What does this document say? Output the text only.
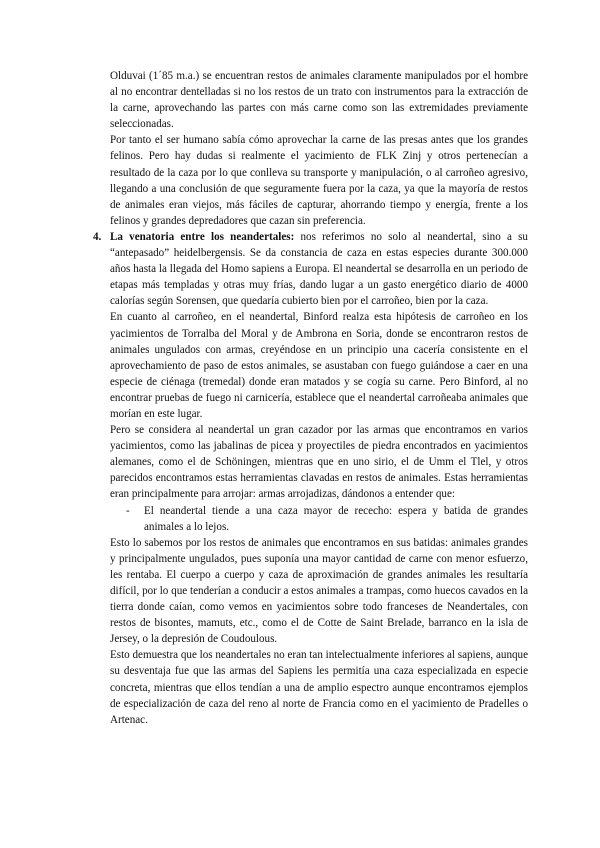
Olduvai (1´85 m.a.) se encuentran restos de animales claramente manipulados por el hombre al no encontrar dentelladas si no los restos de un trato con instrumentos para la extracción de la carne, aprovechando las partes con más carne como son las extremidades previamente seleccionadas.

Por tanto el ser humano sabía cómo aprovechar la carne de las presas antes que los grandes felinos. Pero hay dudas si realmente el yacimiento de FLK Zinj y otros pertenecían a resultado de la caza por lo que conlleva su transporte y manipulación, o al carroñeo agresivo, llegando a una conclusión de que seguramente fuera por la caza, ya que la mayoría de restos de animales eran viejos, más fáciles de capturar, ahorrando tiempo y energía, frente a los felinos y grandes depredadores que cazan sin preferencia.

4. La venatoria entre los neandertales: nos referimos no solo al neandertal, sino a su “antepasado” heidelbergensis. Se da constancia de caza en estas especies durante 300.000 años hasta la llegada del Homo sapiens a Europa. El neandertal se desarrolla en un periodo de etapas más templadas y otras muy frías, dando lugar a un gasto energético diario de 4000 calorías según Sorensen, que quedaría cubierto bien por el carroñeo, bien por la caza.

En cuanto al carroñeo, en el neandertal, Binford realza esta hipótesis de carroñeo en los yacimientos de Torralba del Moral y de Ambrona en Soria, donde se encontraron restos de animales ungulados con armas, creyéndose en un principio una cacería consistente en el aprovechamiento de paso de estos animales, se asustaban con fuego guiándose a caer en una especie de ciénaga (tremedal) donde eran matados y se cogía su carne. Pero Binford, al no encontrar pruebas de fuego ni carnicería, establece que el neandertal carroñeaba animales que morían en este lugar.

Pero se considera al neandertal un gran cazador por las armas que encontramos en varios yacimientos, como las jabalinas de picea y proyectiles de piedra encontrados en yacimientos alemanes, como el de Schöningen, mientras que en uno sirio, el de Umm el Tlel, y otros parecidos encontramos estas herramientas clavadas en restos de animales. Estas herramientas eran principalmente para arrojar: armas arrojadizas, dándonos a entender que:

- El neandertal tiende a una caza mayor de rececho: espera y batida de grandes animales a lo lejos.

Esto lo sabemos por los restos de animales que encontramos en sus batidas: animales grandes y principalmente ungulados, pues suponía una mayor cantidad de carne con menor esfuerzo, les rentaba. El cuerpo a cuerpo y caza de aproximación de grandes animales les resultaría difícil, por lo que tenderían a conducir a estos animales a trampas, como huecos cavados en la tierra donde caían, como vemos en yacimientos sobre todo franceses de Neandertales, con restos de bisontes, mamuts, etc., como el de Cotte de Saint Brelade, barranco en la isla de Jersey, o la depresión de Coudoulous.

Esto demuestra que los neandertales no eran tan intelectualmente inferiores al sapiens, aunque su desventaja fue que las armas del Sapiens les permitía una caza especializada en especie concreta, mientras que ellos tendían a una de amplio espectro aunque encontramos ejemplos de especialización de caza del reno al norte de Francia como en el yacimiento de Pradelles o Artenac.
